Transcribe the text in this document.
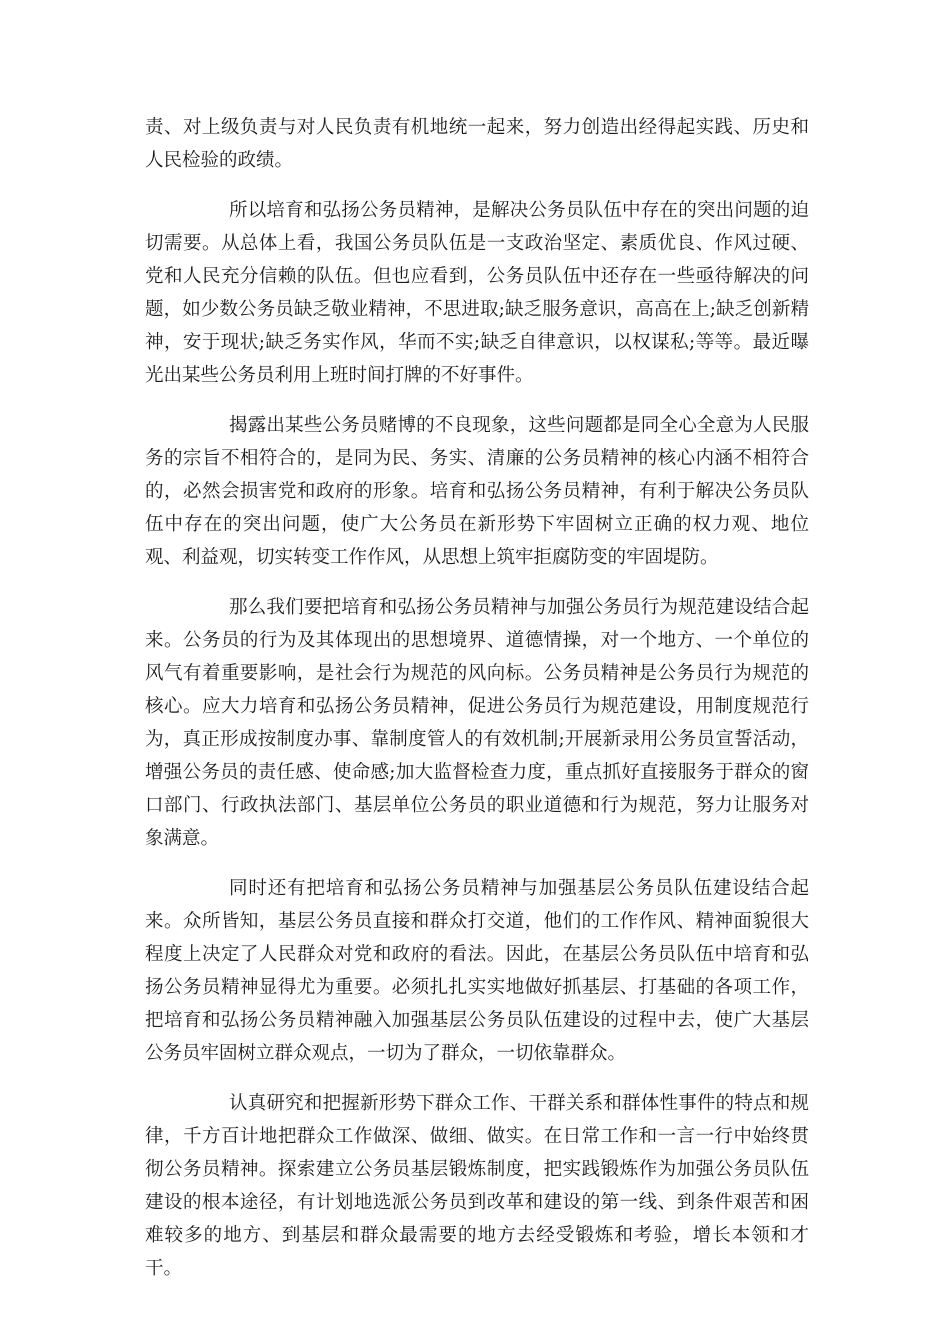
责、对上级负责与对人民负责有机地统一起来，努力创造出经得起实践、历史和人民检验的政绩。

所以培育和弘扬公务员精神，是解决公务员队伍中存在的突出问题的迫切需要。从总体上看，我国公务员队伍是一支政治坚定、素质优良、作风过硬、党和人民充分信赖的队伍。但也应看到，公务员队伍中还存在一些亟待解决的问题，如少数公务员缺乏敬业精神，不思进取;缺乏服务意识，高高在上;缺乏创新精神，安于现状;缺乏务实作风，华而不实;缺乏自律意识，以权谋私;等等。最近曝光出某些公务员利用上班时间打牌的不好事件。

揭露出某些公务员赌博的不良现象，这些问题都是同全心全意为人民服务的宗旨不相符合的，是同为民、务实、清廉的公务员精神的核心内涵不相符合的，必然会损害党和政府的形象。培育和弘扬公务员精神，有利于解决公务员队伍中存在的突出问题，使广大公务员在新形势下牢固树立正确的权力观、地位观、利益观，切实转变工作作风，从思想上筑牢拒腐防变的牢固堤防。

那么我们要把培育和弘扬公务员精神与加强公务员行为规范建设结合起来。公务员的行为及其体现出的思想境界、道德情操，对一个地方、一个单位的风气有着重要影响，是社会行为规范的风向标。公务员精神是公务员行为规范的核心。应大力培育和弘扬公务员精神，促进公务员行为规范建设，用制度规范行为，真正形成按制度办事、靠制度管人的有效机制;开展新录用公务员宣誓活动，增强公务员的责任感、使命感;加大监督检查力度，重点抓好直接服务于群众的窗口部门、行政执法部门、基层单位公务员的职业道德和行为规范，努力让服务对象满意。

同时还有把培育和弘扬公务员精神与加强基层公务员队伍建设结合起来。众所皆知，基层公务员直接和群众打交道，他们的工作作风、精神面貌很大程度上决定了人民群众对党和政府的看法。因此，在基层公务员队伍中培育和弘扬公务员精神显得尤为重要。必须扎扎实实地做好抓基层、打基础的各项工作，把培育和弘扬公务员精神融入加强基层公务员队伍建设的过程中去，使广大基层公务员牢固树立群众观点，一切为了群众，一切依靠群众。

认真研究和把握新形势下群众工作、干群关系和群体性事件的特点和规律，千方百计地把群众工作做深、做细、做实。在日常工作和一言一行中始终贯彻公务员精神。探索建立公务员基层锻炼制度，把实践锻炼作为加强公务员队伍建设的根本途径，有计划地选派公务员到改革和建设的第一线、到条件艰苦和困难较多的地方、到基层和群众最需要的地方去经受锻炼和考验，增长本领和才干。
